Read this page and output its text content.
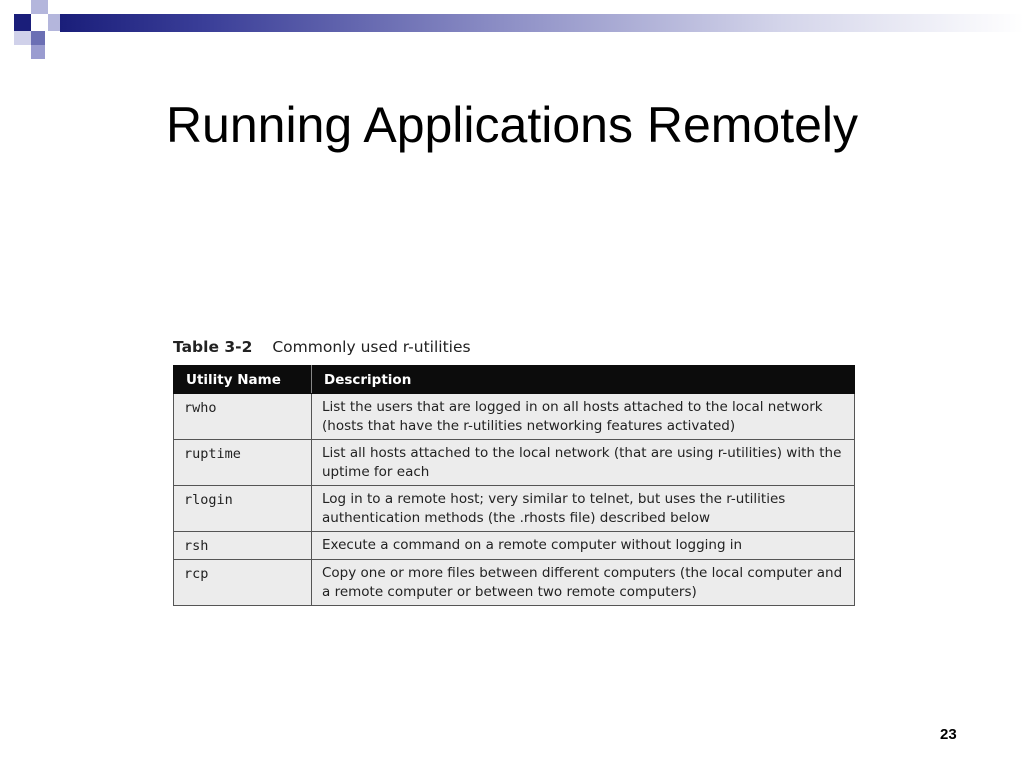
Running Applications Remotely
Table 3-2 Commonly used r-utilities
Utility Name	Description
rwho	List the users that are logged in on all hosts attached to the local network (hosts that have the r-utilities networking features activated)
ruptime	List all hosts attached to the local network (that are using r-utilities) with the uptime for each
rlogin	Log in to a remote host; very similar to telnet, but uses the r-utilities authentication methods (the .rhosts file) described below
rsh	Execute a command on a remote computer without logging in
rcp	Copy one or more files between different computers (the local computer and a remote computer or between two remote computers)
23
